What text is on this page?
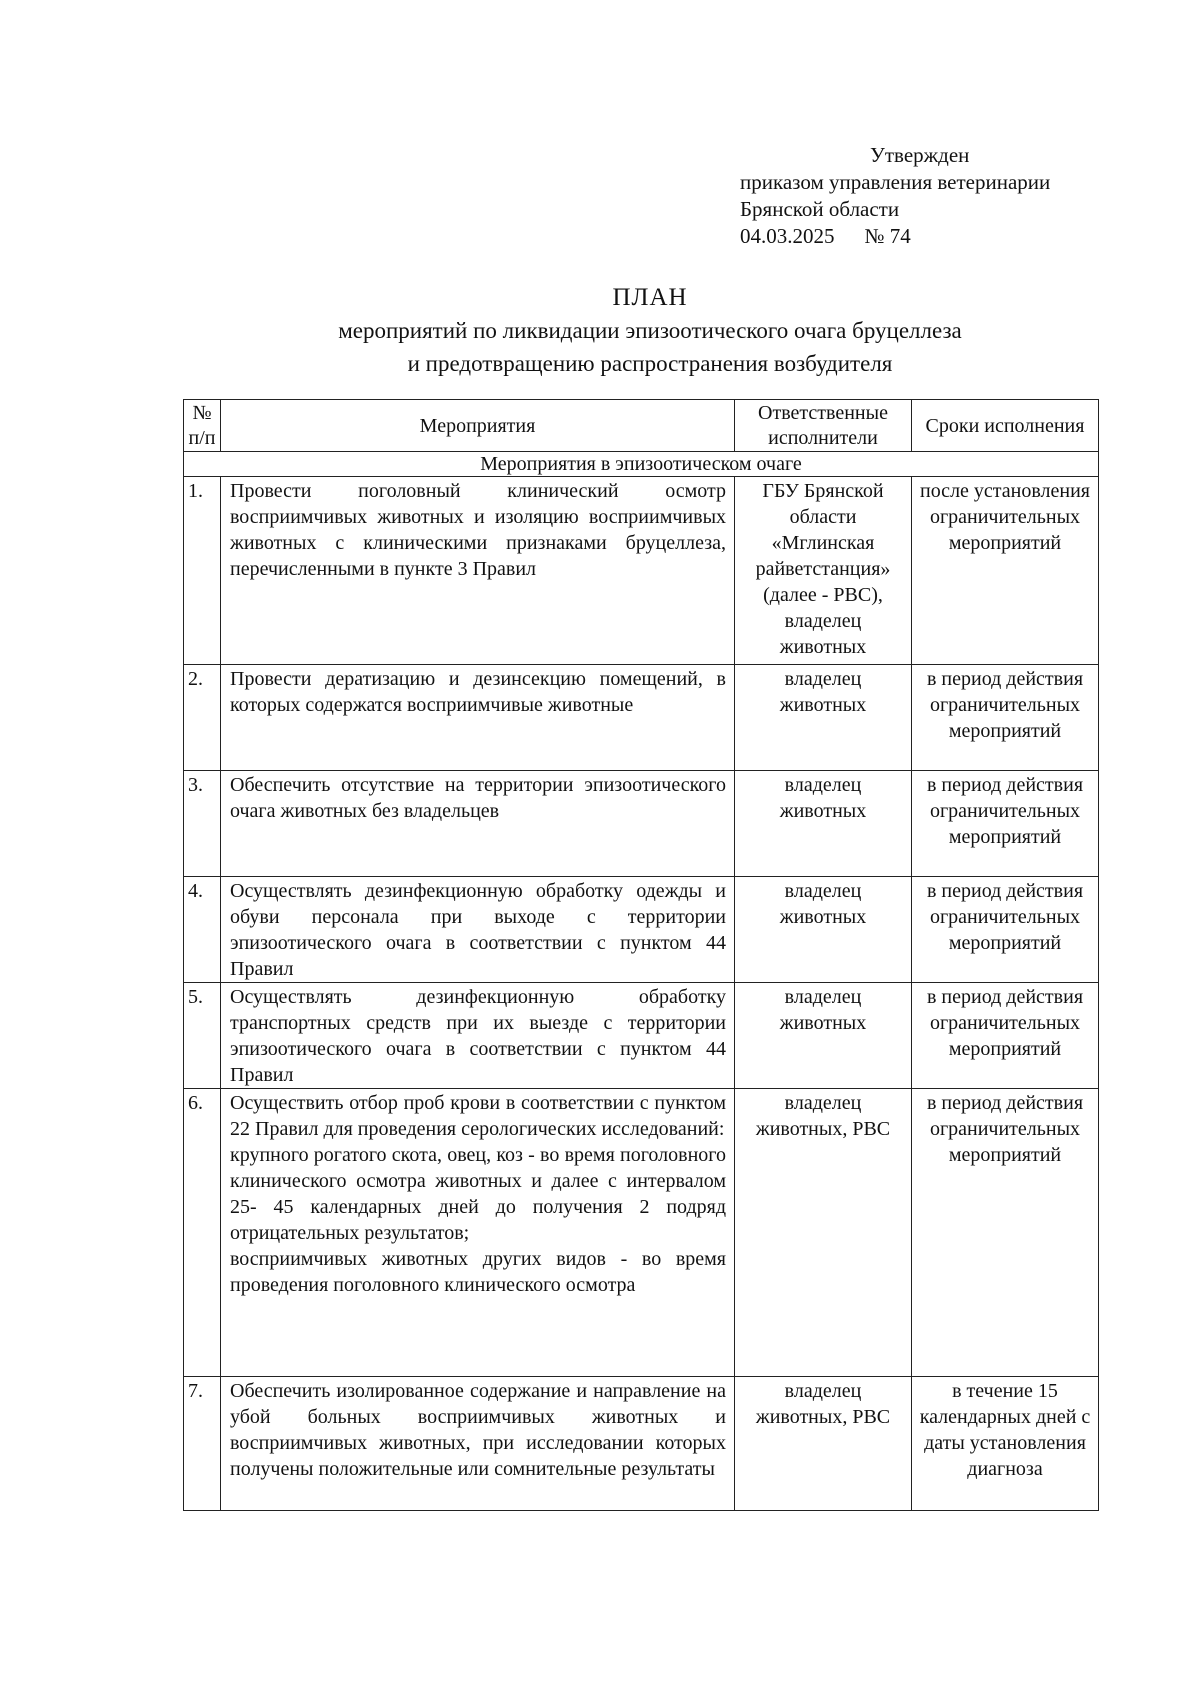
Утвержден
приказом управления ветеринарии
Брянской области
04.03.2025 № 74
ПЛАН
мероприятий по ликвидации эпизоотического очага бруцеллеза
и предотвращению распространения возбудителя
№ п/п	Мероприятия	Ответственные исполнители	Сроки исполнения
Мероприятия в эпизоотическом очаге			
1.	Провести поголовный клинический осмотр восприимчивых животных и изоляцию восприимчивых животных с клиническими признаками бруцеллеза, перечисленными в пункте 3 Правил	ГБУ Брянской области «Мглинская райветстанция» (далее - РВС), владелец животных	после установления ограничительных мероприятий
2.	Провести дератизацию и дезинсекцию помещений, в которых содержатся восприимчивые животные	владелец животных	в период действия ограничительных мероприятий
3.	Обеспечить отсутствие на территории эпизоотического очага животных без владельцев	владелец животных	в период действия ограничительных мероприятий
4.	Осуществлять дезинфекционную обработку одежды и обуви персонала при выходе с территории эпизоотического очага в соответствии с пунктом 44 Правил	владелец животных	в период действия ограничительных мероприятий
5.	Осуществлять дезинфекционную обработку транспортных средств при их выезде с территории эпизоотического очага в соответствии с пунктом 44 Правил	владелец животных	в период действия ограничительных мероприятий
6.	Осуществить отбор проб крови в соответствии с пунктом 22 Правил для проведения серологических исследований:
крупного рогатого скота, овец, коз - во время поголовного клинического осмотра животных и далее с интервалом 25- 45 календарных дней до получения 2 подряд отрицательных результатов;
восприимчивых животных других видов - во время проведения поголовного клинического осмотра	владелец животных, РВС	в период действия ограничительных мероприятий
7.	Обеспечить изолированное содержание и направление на убой больных восприимчивых животных и восприимчивых животных, при исследовании которых получены положительные или сомнительные результаты	владелец животных, РВС	в течение 15 календарных дней с даты установления диагноза
